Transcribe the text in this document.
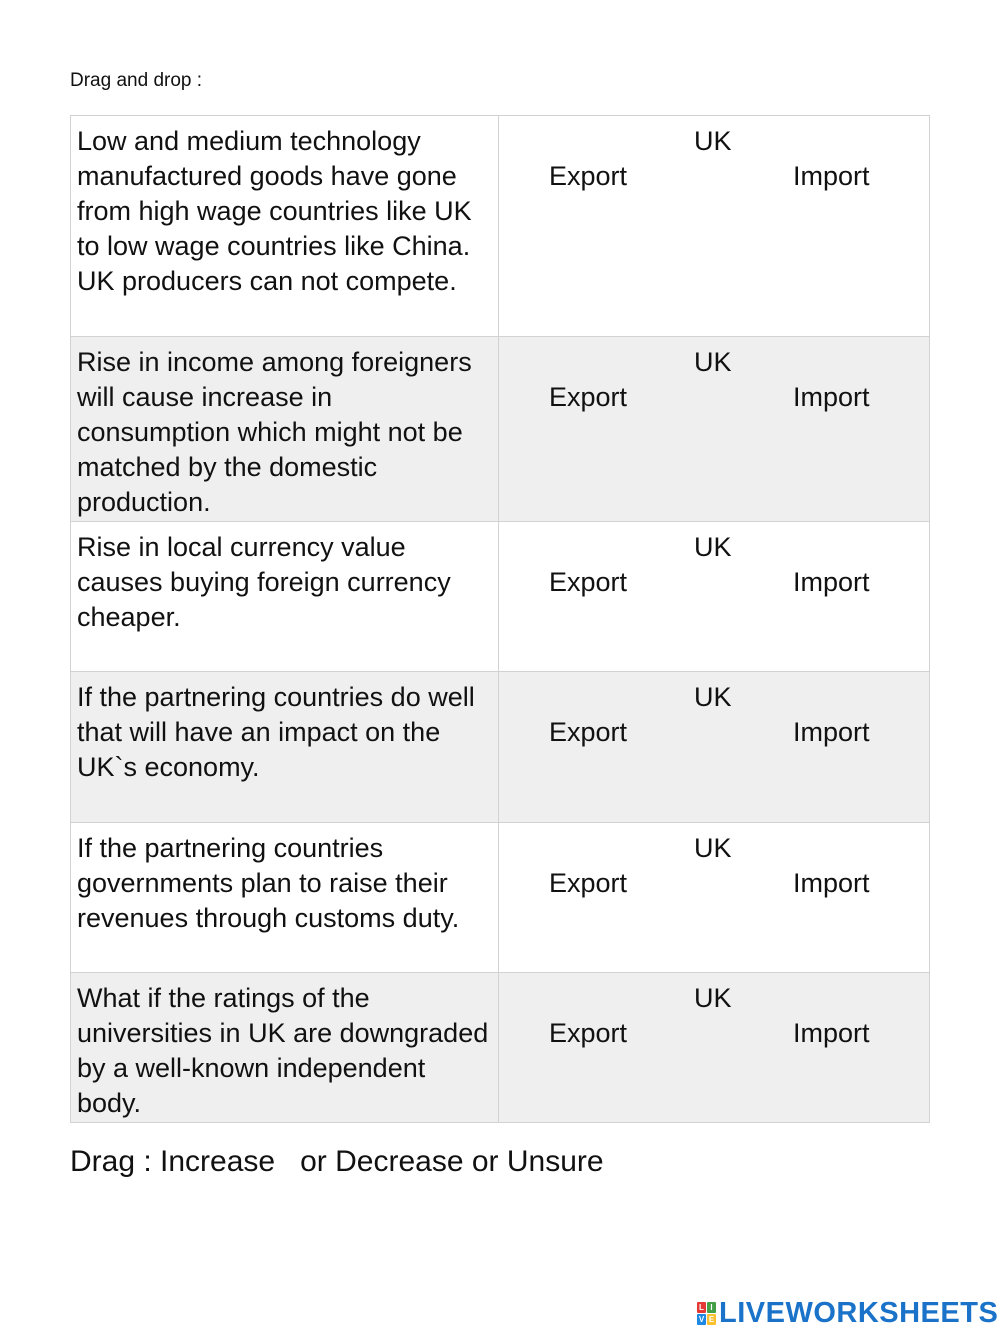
Drag and drop :
Low and medium technology manufactured goods have gone from high wage countries like UK to low wage countries like China. UK producers can not compete.	UK
Export Import

Rise in income among foreigners will cause increase in consumption which might not be matched by the domestic production.	UK
Export Import

Rise in local currency value causes buying foreign currency cheaper.	UK
Export Import

If the partnering countries do well that will have an impact on the UK`s economy.	UK
Export Import

If the partnering countries governments plan to raise their revenues through customs duty.	UK
Export Import

What if the ratings of the universities in UK are downgraded by a well-known independent body.	UK
Export Import
Drag : Increase   or Decrease or Unsure
L I
V E LIVEWORKSHEETS
